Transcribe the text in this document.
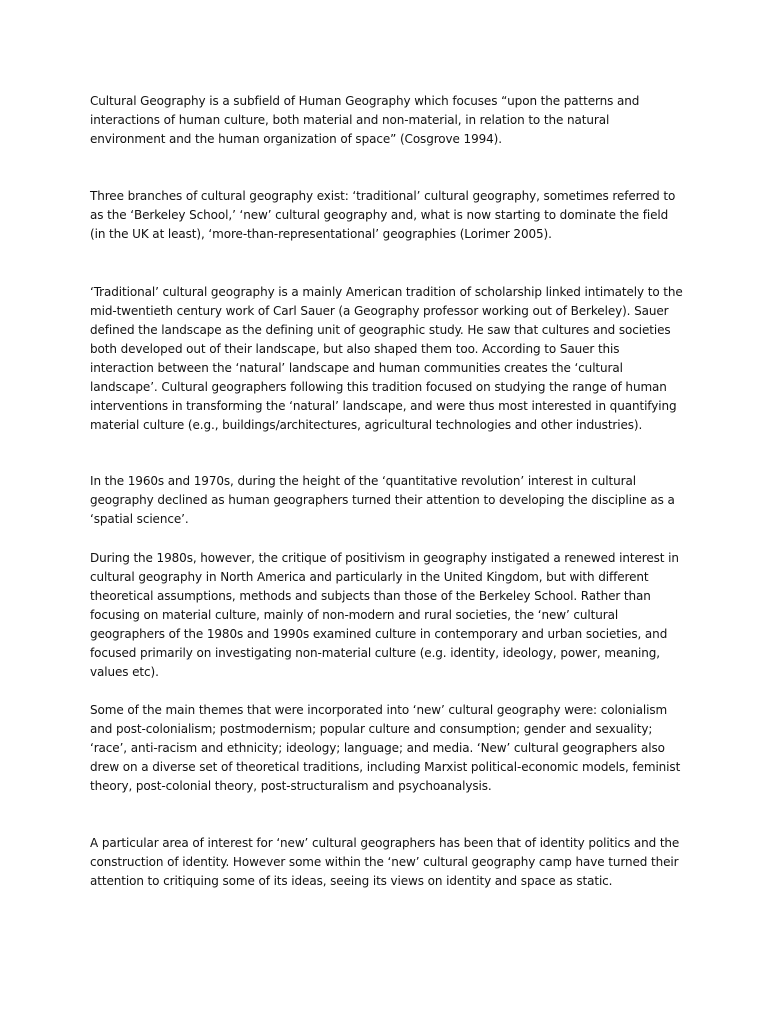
Cultural Geography is a subfield of Human Geography which focuses “upon the patterns and interactions of human culture, both material and non-material, in relation to the natural environment and the human organization of space” (Cosgrove 1994).

Three branches of cultural geography exist: ‘traditional’ cultural geography, sometimes referred to as the ‘Berkeley School,’ ‘new’ cultural geography and, what is now starting to dominate the field (in the UK at least), ‘more-than-representational’ geographies (Lorimer 2005).

‘Traditional’ cultural geography is a mainly American tradition of scholarship linked intimately to the mid-twentieth century work of Carl Sauer (a Geography professor working out of Berkeley). Sauer defined the landscape as the defining unit of geographic study. He saw that cultures and societies both developed out of their landscape, but also shaped them too. According to Sauer this interaction between the ‘natural’ landscape and human communities creates the ‘cultural landscape’. Cultural geographers following this tradition focused on studying the range of human interventions in transforming the ‘natural’ landscape, and were thus most interested in quantifying material culture (e.g., buildings/architectures, agricultural technologies and other industries).

In the 1960s and 1970s, during the height of the ‘quantitative revolution’ interest in cultural geography declined as human geographers turned their attention to developing the discipline as a ‘spatial science’.

During the 1980s, however, the critique of positivism in geography instigated a renewed interest in cultural geography in North America and particularly in the United Kingdom, but with different theoretical assumptions, methods and subjects than those of the Berkeley School. Rather than focusing on material culture, mainly of non-modern and rural societies, the ‘new’ cultural geographers of the 1980s and 1990s examined culture in contemporary and urban societies, and focused primarily on investigating non-material culture (e.g. identity, ideology, power, meaning, values etc).

Some of the main themes that were incorporated into ‘new’ cultural geography were: colonialism and post-colonialism; postmodernism; popular culture and consumption; gender and sexuality; ‘race’, anti-racism and ethnicity; ideology; language; and media. ‘New’ cultural geographers also drew on a diverse set of theoretical traditions, including Marxist political-economic models, feminist theory, post-colonial theory, post-structuralism and psychoanalysis.

A particular area of interest for ‘new’ cultural geographers has been that of identity politics and the construction of identity. However some within the ‘new’ cultural geography camp have turned their attention to critiquing some of its ideas, seeing its views on identity and space as static.
